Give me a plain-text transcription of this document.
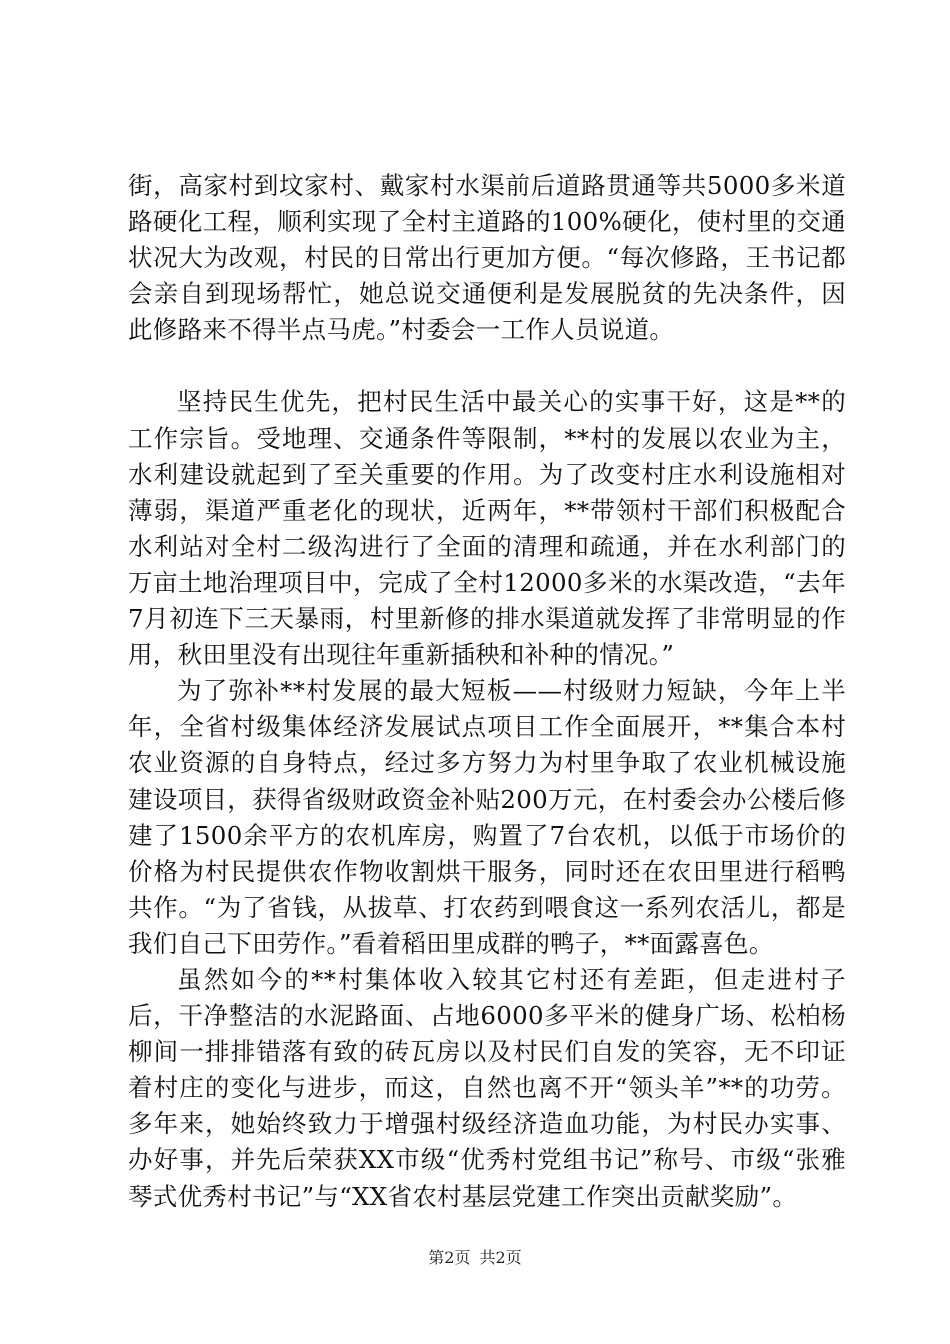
街，高家村到坟家村、戴家村水渠前后道路贯通等共5000多米道路硬化工程，顺利实现了全村主道路的100%硬化，使村里的交通状况大为改观，村民的日常出行更加方便。“每次修路，王书记都会亲自到现场帮忙，她总说交通便利是发展脱贫的先决条件，因此修路来不得半点马虎。”村委会一工作人员说道。

坚持民生优先，把村民生活中最关心的实事干好，这是**的工作宗旨。受地理、交通条件等限制，**村的发展以农业为主，水利建设就起到了至关重要的作用。为了改变村庄水利设施相对薄弱，渠道严重老化的现状，近两年，**带领村干部们积极配合水利站对全村二级沟进行了全面的清理和疏通，并在水利部门的万亩土地治理项目中，完成了全村12000多米的水渠改造，“去年7月初连下三天暴雨，村里新修的排水渠道就发挥了非常明显的作用，秋田里没有出现往年重新插秧和补种的情况。”

为了弥补**村发展的最大短板——村级财力短缺，今年上半年，全省村级集体经济发展试点项目工作全面展开，**集合本村农业资源的自身特点，经过多方努力为村里争取了农业机械设施建设项目，获得省级财政资金补贴200万元，在村委会办公楼后修建了1500余平方的农机库房，购置了7台农机，以低于市场价的价格为村民提供农作物收割烘干服务，同时还在农田里进行稻鸭共作。“为了省钱，从拔草、打农药到喂食这一系列农活儿，都是我们自己下田劳作。”看着稻田里成群的鸭子，**面露喜色。

虽然如今的**村集体收入较其它村还有差距，但走进村子后，干净整洁的水泥路面、占地6000多平米的健身广场、松柏杨柳间一排排错落有致的砖瓦房以及村民们自发的笑容，无不印证着村庄的变化与进步，而这，自然也离不开“领头羊”**的功劳。多年来，她始终致力于增强村级经济造血功能，为村民办实事、办好事，并先后荣获XX市级“优秀村党组书记”称号、市级“张雅琴式优秀村书记”与“XX省农村基层党建工作突出贡献奖励”。

第2页 共2页
